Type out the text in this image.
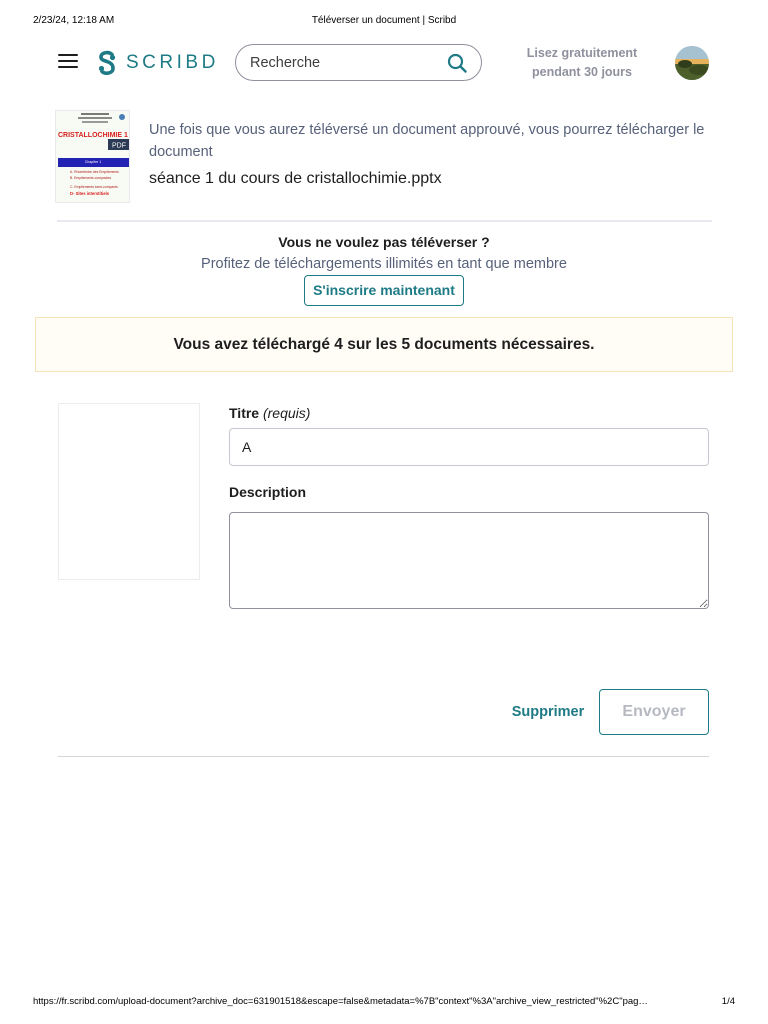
2/23/24, 12:18 AM	Téléverser un document | Scribd
SCRIBD
Recherche	Lisez gratuitement
pendant 30 jours
CRISTALLOCHIMIE 1
PDF
Chapitre 1
A. Rhombèdre des Empilements
B. Empilements compactes
C. Empilements semi-compacts
D- Sites interstitiels
Une fois que vous aurez téléversé un document approuvé, vous pourrez télécharger le document
séance 1 du cours de cristallochimie.pptx
Vous ne voulez pas téléverser ?
Profitez de téléchargements illimités en tant que membre
S'inscrire maintenant
Vous avez téléchargé 4 sur les 5 documents nécessaires.
Titre (requis)
A
Description
Supprimer	Envoyer
https://fr.scribd.com/upload-document?archive_doc=631901518&escape=false&metadata=%7B"context"%3A"archive_view_restricted"%2C"pag…	1/4
